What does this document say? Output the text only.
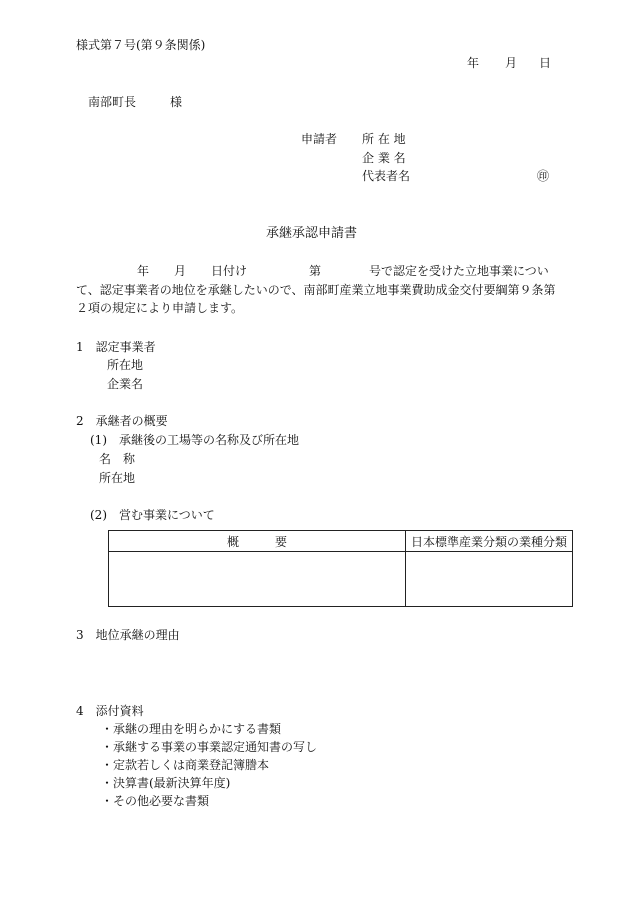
様式第７号(第９条関係)
年 月 日
南部町長	様
申請者 所 在 地
企 業 名
代表者名	㊞
承継承認申請書
年 月 日付け	第	号で認定を受けた立地事業につい
て、認定事業者の地位を承継したいので、南部町産業立地事業費助成金交付要綱第９条第
２項の規定により申請します。
1　認定事業者
所在地
企業名
2　承継者の概要
(1)　承継後の工場等の名称及び所在地
名　称
所在地
(2)　営む事業について
概　　　要	日本標準産業分類の業種分類

3　地位承継の理由
4　添付資料
・承継の理由を明らかにする書類
・承継する事業の事業認定通知書の写し
・定款若しくは商業登記簿謄本
・決算書(最新決算年度)
・その他必要な書類
